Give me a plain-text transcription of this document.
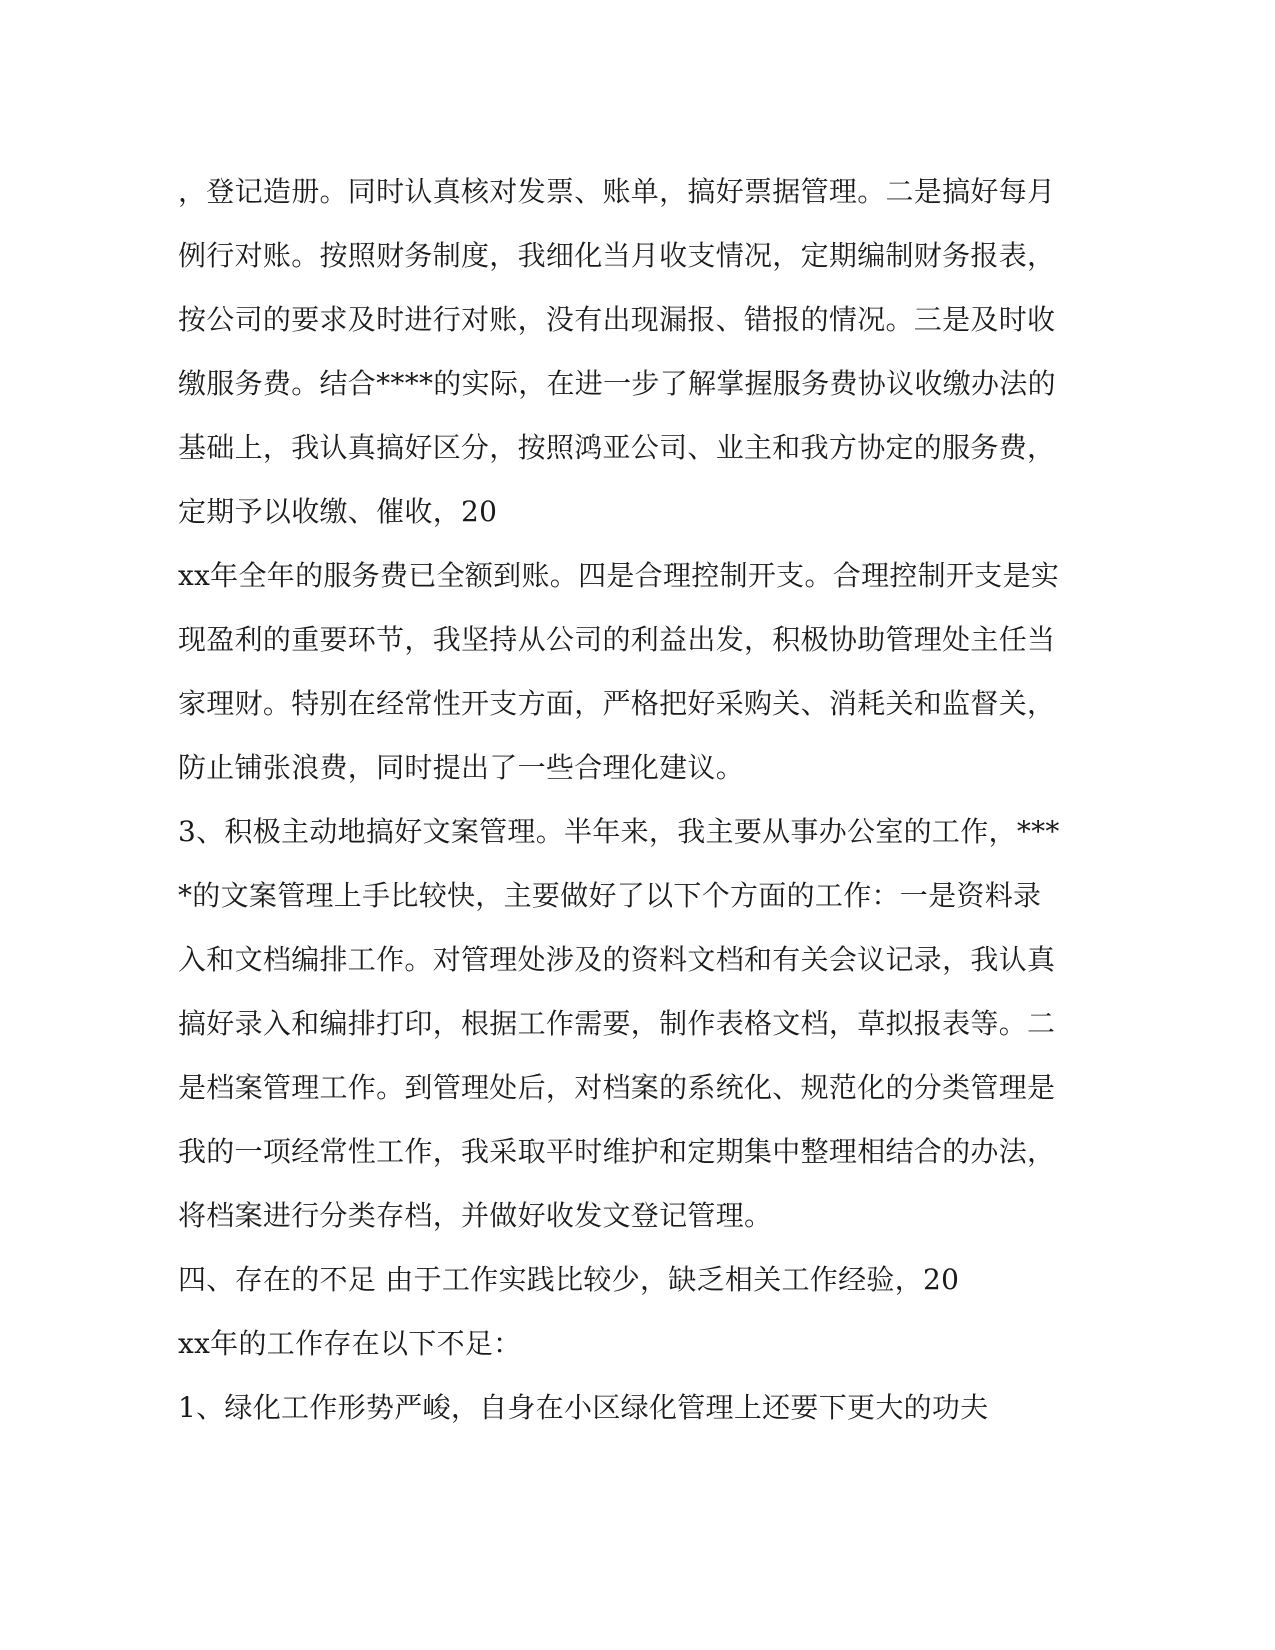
，登记造册。同时认真核对发票、账单，搞好票据管理。二是搞好每月
例行对账。按照财务制度，我细化当月收支情况，定期编制财务报表，
按公司的要求及时进行对账，没有出现漏报、错报的情况。三是及时收
缴服务费。结合****的实际，在进一步了解掌握服务费协议收缴办法的
基础上，我认真搞好区分，按照鸿亚公司、业主和我方协定的服务费，
定期予以收缴、催收，20
xx年全年的服务费已全额到账。四是合理控制开支。合理控制开支是实
现盈利的重要环节，我坚持从公司的利益出发，积极协助管理处主任当
家理财。特别在经常性开支方面，严格把好采购关、消耗关和监督关，
防止铺张浪费，同时提出了一些合理化建议。
3、积极主动地搞好文案管理。半年来，我主要从事办公室的工作，***
*的文案管理上手比较快，主要做好了以下个方面的工作：一是资料录
入和文档编排工作。对管理处涉及的资料文档和有关会议记录，我认真
搞好录入和编排打印，根据工作需要，制作表格文档，草拟报表等。二
是档案管理工作。到管理处后，对档案的系统化、规范化的分类管理是
我的一项经常性工作，我采取平时维护和定期集中整理相结合的办法，
将档案进行分类存档，并做好收发文登记管理。
四、存在的不足 由于工作实践比较少，缺乏相关工作经验，20
xx年的工作存在以下不足：
1、绿化工作形势严峻，自身在小区绿化管理上还要下更大的功夫
